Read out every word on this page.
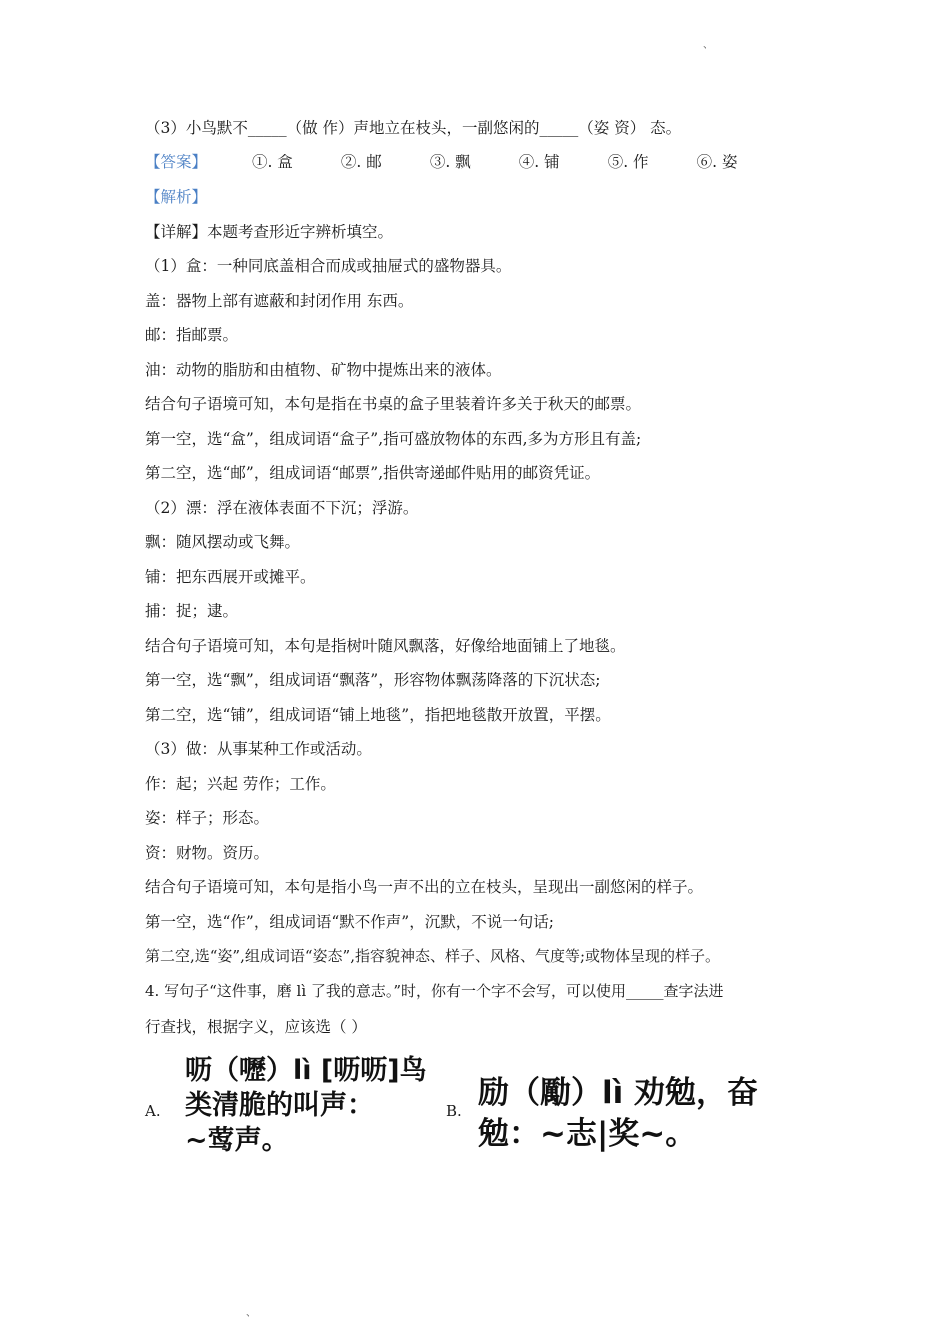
、
（3）小鸟默不_____（做 作）声地立在枝头，一副悠闲的_____（姿 资） 态。
【答案】	①. 盒	②. 邮	③. 飘	④. 铺	⑤. 作	⑥. 姿
【解析】
【详解】本题考查形近字辨析填空。
（1）盒：一种同底盖相合而成或抽屉式的盛物器具。
盖：器物上部有遮蔽和封闭作用 东西。
邮：指邮票。
油：动物的脂肪和由植物、矿物中提炼出来的液体。
结合句子语境可知，本句是指在书桌的盒子里装着许多关于秋天的邮票。
第一空，选“盒”，组成词语“盒子”,指可盛放物体的东西,多为方形且有盖;
第二空，选“邮”，组成词语“邮票”,指供寄递邮件贴用的邮资凭证。
（2）漂：浮在液体表面不下沉；浮游。
飘：随风摆动或飞舞。
铺：把东西展开或摊平。
捕：捉；逮。
结合句子语境可知，本句是指树叶随风飘落，好像给地面铺上了地毯。
第一空，选“飘”，组成词语“飘落”，形容物体飘荡降落的下沉状态;
第二空，选“铺”，组成词语“铺上地毯”，指把地毯散开放置，平摆。
（3）做：从事某种工作或活动。
作：起；兴起 劳作；工作。
姿：样子；形态。
资：财物。资历。
结合句子语境可知，本句是指小鸟一声不出的立在枝头，呈现出一副悠闲的样子。
第一空，选“作”，组成词语“默不作声”，沉默，不说一句话;
第二空,选“姿”,组成词语“姿态”,指容貌神态、样子、风格、气度等;或物体呈现的样子。
4. 写句子“这件事，磨 lì 了我的意志。”时，你有一个字不会写，可以使用_____查字法进
行查找，根据字义，应该选（ ）
A.
呖（嚦）lì [呖呖]鸟
类清脆的叫声：
~莺声。
B. 励（勵）lì 劝勉，奋
勉：~志|奖~。
、
